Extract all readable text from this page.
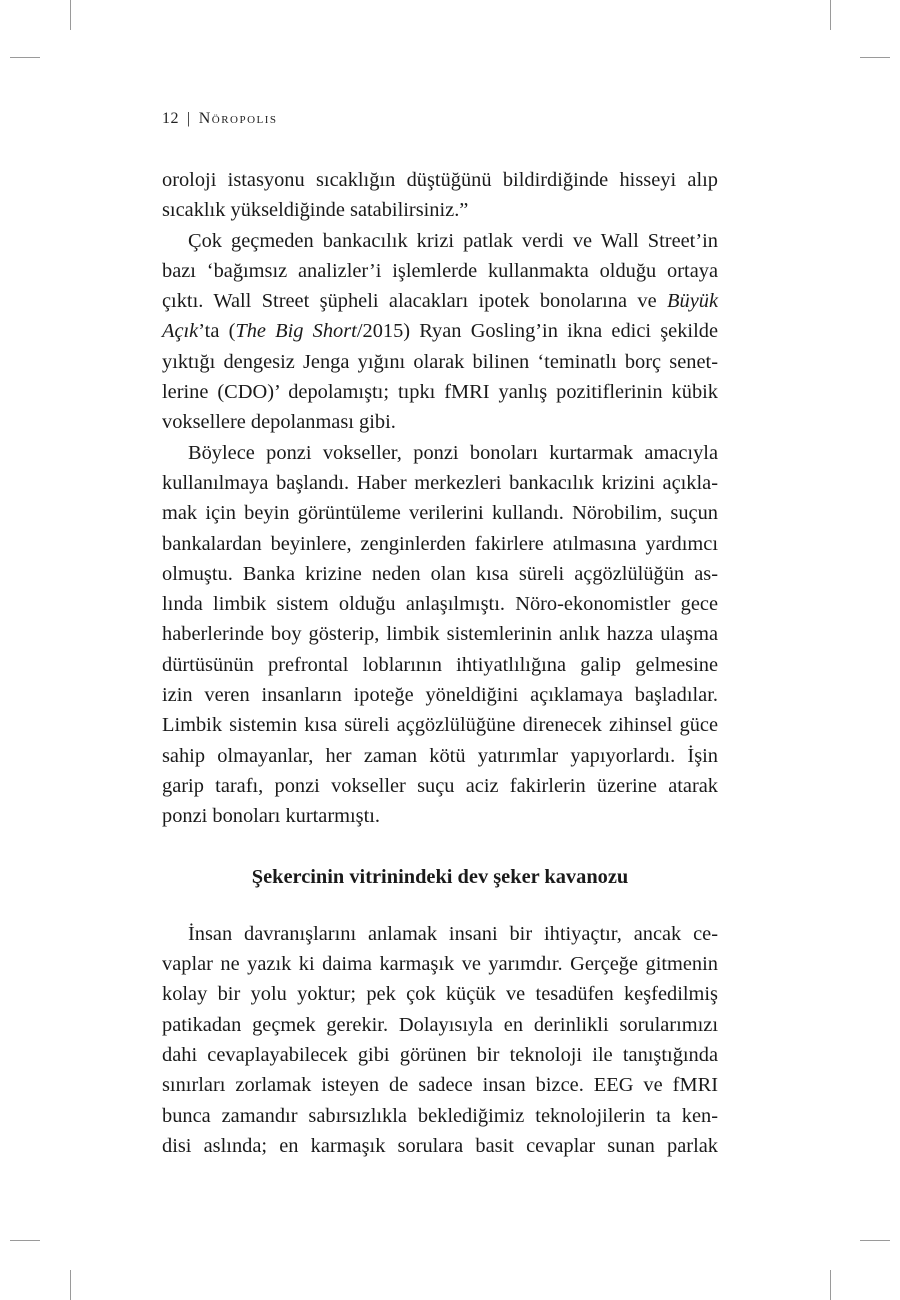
12 | Nöropolis

oroloji istasyonu sıcaklığın düştüğünü bildirdiğinde hisseyi alıp
sıcaklık yükseldiğinde satabilirsiniz.”

Çok geçmeden bankacılık krizi patlak verdi ve Wall Street’in
bazı ‘bağımsız analizler’i işlemlerde kullanmakta olduğu ortaya
çıktı. Wall Street şüpheli alacakları ipotek bonolarına ve Büyük
Açık’ta (The Big Short/2015) Ryan Gosling’in ikna edici şekilde
yıktığı dengesiz Jenga yığını olarak bilinen ‘teminatlı borç senet-
lerine (CDO)’ depolamıştı; tıpkı fMRI yanlış pozitiflerinin kübik
voksellere depolanması gibi.

Böylece ponzi vokseller, ponzi bonoları kurtarmak amacıyla
kullanılmaya başlandı. Haber merkezleri bankacılık krizini açıkla-
mak için beyin görüntüleme verilerini kullandı. Nörobilim, suçun
bankalardan beyinlere, zenginlerden fakirlere atılmasına yardımcı
olmuştu. Banka krizine neden olan kısa süreli açgözlülüğün as-
lında limbik sistem olduğu anlaşılmıştı. Nöro-ekonomistler gece
haberlerinde boy gösterip, limbik sistemlerinin anlık hazza ulaşma
dürtüsünün prefrontal loblarının ihtiyatlılığına galip gelmesine
izin veren insanların ipoteğe yöneldiğini açıklamaya başladılar.
Limbik sistemin kısa süreli açgözlülüğüne direnecek zihinsel güce
sahip olmayanlar, her zaman kötü yatırımlar yapıyorlardı. İşin
garip tarafı, ponzi vokseller suçu aciz fakirlerin üzerine atarak
ponzi bonoları kurtarmıştı.

Şekercinin vitrinindeki dev şeker kavanozu

İnsan davranışlarını anlamak insani bir ihtiyaçtır, ancak ce-
vaplar ne yazık ki daima karmaşık ve yarımdır. Gerçeğe gitmenin
kolay bir yolu yoktur; pek çok küçük ve tesadüfen keşfedilmiş
patikadan geçmek gerekir. Dolayısıyla en derinlikli sorularımızı
dahi cevaplayabilecek gibi görünen bir teknoloji ile tanıştığında
sınırları zorlamak isteyen de sadece insan bizce. EEG ve fMRI
bunca zamandır sabırsızlıkla beklediğimiz teknolojilerin ta ken-
disi aslında; en karmaşık sorulara basit cevaplar sunan parlak
